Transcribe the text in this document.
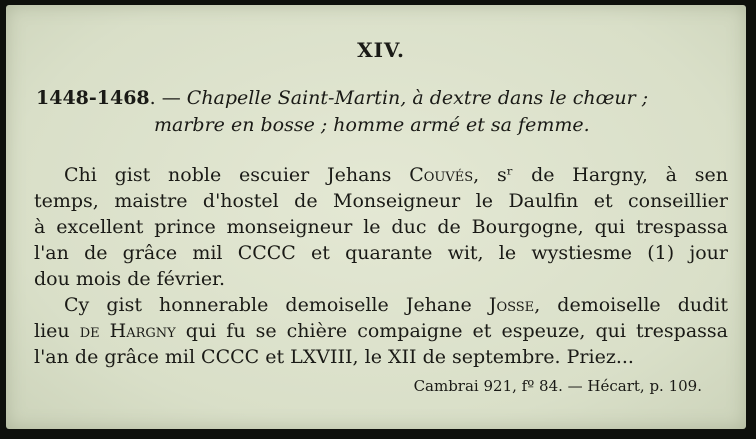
XIV.
1448-1468. — Chapelle Saint-Martin, à dextre dans le chœur ;
marbre en bosse ; homme armé et sa femme.
Chi gist noble escuier Jehans Couvés, sʳ de Hargny, à sen
temps, maistre d'hostel de Monseigneur le Daulfin et conseillier
à excellent prince monseigneur le duc de Bourgogne, qui trespassa
l'an de grâce mil CCCC et quarante wit, le wystiesme (1) jour
dou mois de février.
Cy gist honnerable demoiselle Jehane Josse, demoiselle dudit
lieu de Hargny qui fu se chière compaigne et espeuze, qui trespassa
l'an de grâce mil CCCC et LXVIII, le XII de septembre. Priez...
Cambrai 921, fº 84. — Hécart, p. 109.
